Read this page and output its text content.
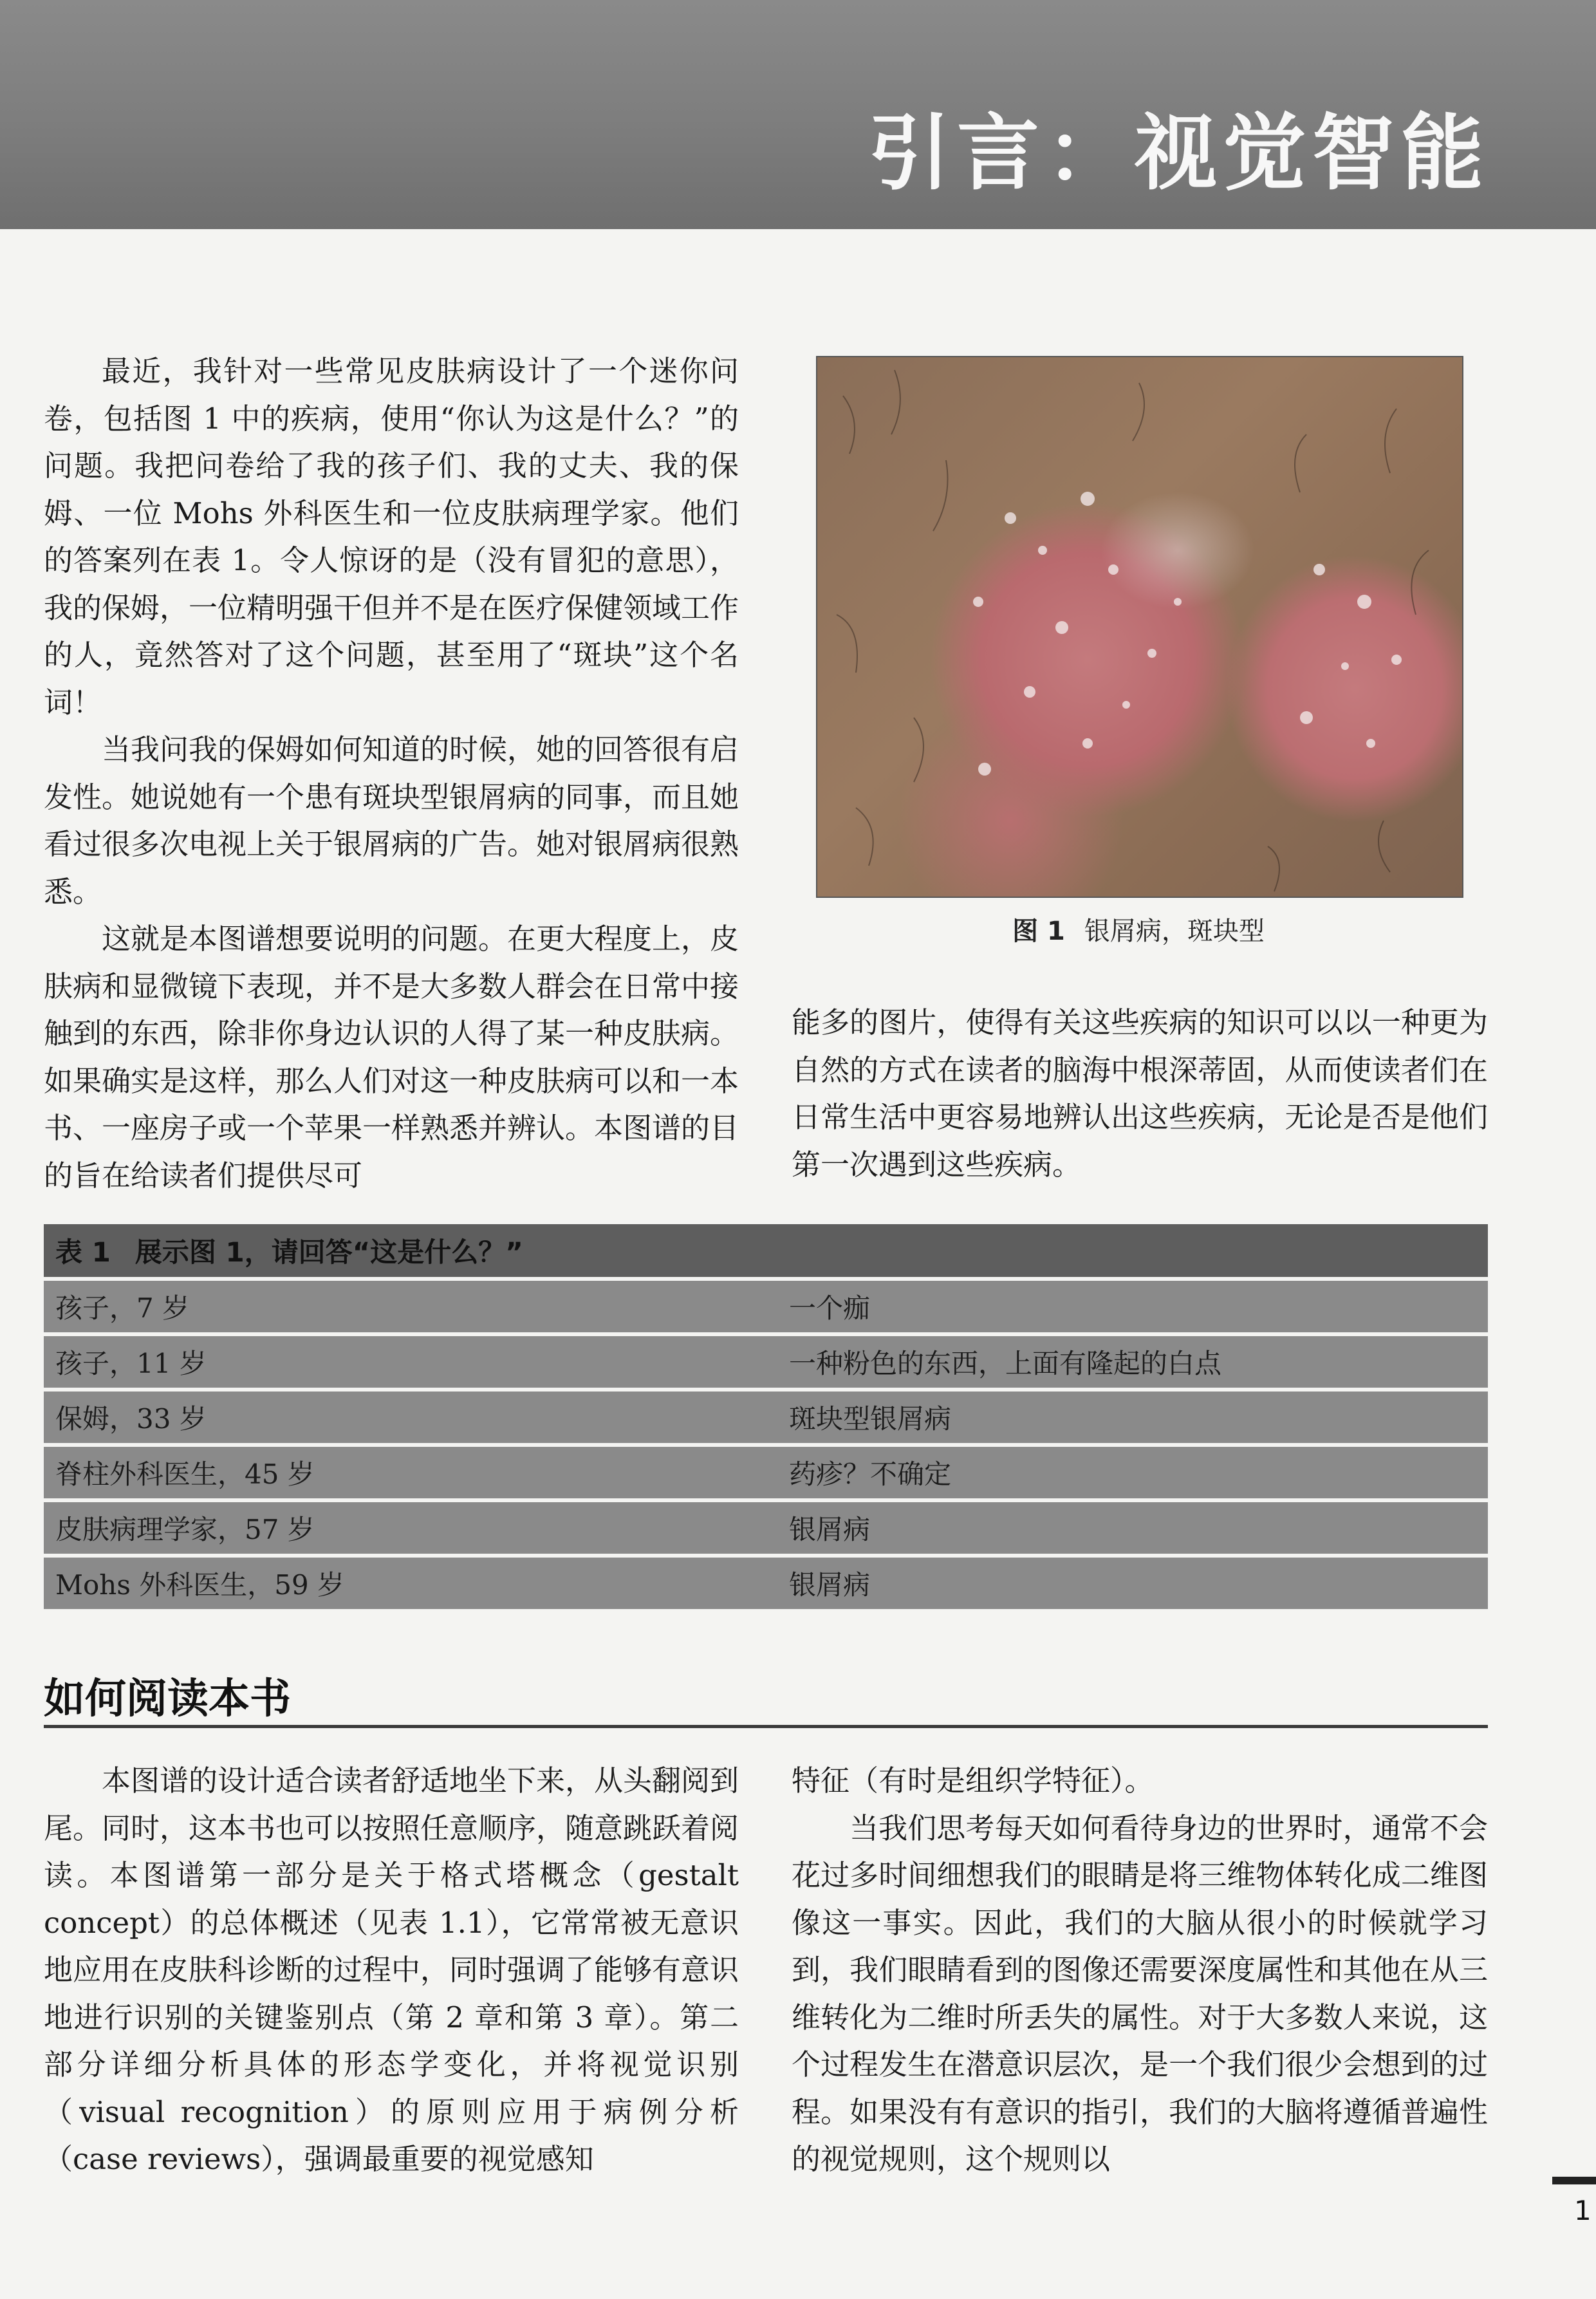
引言：视觉智能

最近，我针对一些常见皮肤病设计了一个迷你问卷，包括图 1 中的疾病，使用“你认为这是什么？”的问题。我把问卷给了我的孩子们、我的丈夫、我的保姆、一位 Mohs 外科医生和一位皮肤病理学家。他们的答案列在表 1。令人惊讶的是（没有冒犯的意思），我的保姆，一位精明强干但并不是在医疗保健领域工作的人，竟然答对了这个问题，甚至用了“斑块”这个名词！

当我问我的保姆如何知道的时候，她的回答很有启发性。她说她有一个患有斑块型银屑病的同事，而且她看过很多次电视上关于银屑病的广告。她对银屑病很熟悉。

这就是本图谱想要说明的问题。在更大程度上，皮肤病和显微镜下表现，并不是大多数人群会在日常中接触到的东西，除非你身边认识的人得了某一种皮肤病。如果确实是这样，那么人们对这一种皮肤病可以和一本书、一座房子或一个苹果一样熟悉并辨认。本图谱的目的旨在给读者们提供尽可

图 1 银屑病，斑块型

能多的图片，使得有关这些疾病的知识可以以一种更为自然的方式在读者的脑海中根深蒂固，从而使读者们在日常生活中更容易地辨认出这些疾病，无论是否是他们第一次遇到这些疾病。

表 1 展示图 1，请回答“这是什么？”
孩子，7 岁	一个痂
孩子，11 岁	一种粉色的东西，上面有隆起的白点
保姆，33 岁	斑块型银屑病
脊柱外科医生，45 岁	药疹？不确定
皮肤病理学家，57 岁	银屑病
Mohs 外科医生，59 岁	银屑病
如何阅读本书

本图谱的设计适合读者舒适地坐下来，从头翻阅到尾。同时，这本书也可以按照任意顺序，随意跳跃着阅读。本图谱第一部分是关于格式塔概念（gestalt concept）的总体概述（见表 1.1），它常常被无意识地应用在皮肤科诊断的过程中，同时强调了能够有意识地进行识别的关键鉴别点（第 2 章和第 3 章）。第二部分详细分析具体的形态学变化，并将视觉识别（visual recognition）的原则应用于病例分析（case reviews），强调最重要的视觉感知

特征（有时是组织学特征）。

当我们思考每天如何看待身边的世界时，通常不会花过多时间细想我们的眼睛是将三维物体转化成二维图像这一事实。因此，我们的大脑从很小的时候就学习到，我们眼睛看到的图像还需要深度属性和其他在从三维转化为二维时所丢失的属性。对于大多数人来说，这个过程发生在潜意识层次，是一个我们很少会想到的过程。如果没有有意识的指引，我们的大脑将遵循普遍性的视觉规则，这个规则以

1
